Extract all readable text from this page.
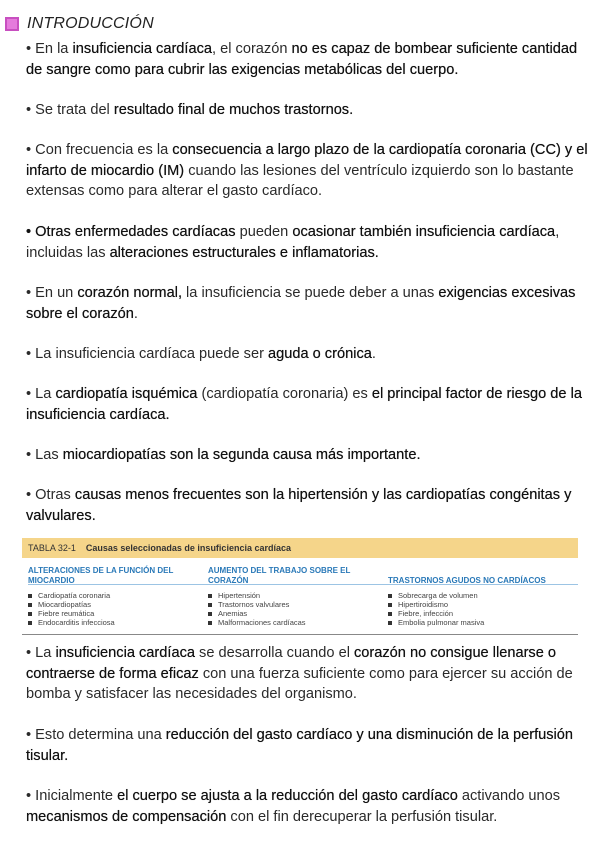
INTRODUCCIÓN
• En la insuficiencia cardíaca, el corazón no es capaz de bombear suficiente cantidad de sangre como para cubrir las exigencias metabólicas del cuerpo.
• Se trata del resultado final de muchos trastornos.
• Con frecuencia es la consecuencia a largo plazo de la cardiopatía coronaria (CC) y el infarto de miocardio (IM) cuando las lesiones del ventrículo izquierdo son lo bastante extensas como para alterar el gasto cardíaco.
• Otras enfermedades cardíacas pueden ocasionar también insuficiencia cardíaca, incluidas las alteraciones estructurales e inflamatorias.
• En un corazón normal, la insuficiencia se puede deber a unas exigencias excesivas sobre el corazón.
• La insuficiencia cardíaca puede ser aguda o crónica.
• La cardiopatía isquémica (cardiopatía coronaria) es el principal factor de riesgo de la insuficiencia cardíaca.
• Las miocardiopatías son la segunda causa más importante.
• Otras causas menos frecuentes son la hipertensión y las cardiopatías congénitas y valvulares.
TABLA 32-1 Causas seleccionadas de insuficiencia cardíaca
ALTERACIONES DE LA FUNCIÓN DEL MIOCARDIO
Cardiopatía coronaria
Miocardiopatías
Fiebre reumática
Endocarditis infecciosa
AUMENTO DEL TRABAJO SOBRE EL CORAZÓN
Hipertensión
Trastornos valvulares
Anemias
Malformaciones cardíacas
TRASTORNOS AGUDOS NO CARDÍACOS
Sobrecarga de volumen
Hipertiroidismo
Fiebre, infección
Embolia pulmonar masiva
• La insuficiencia cardíaca se desarrolla cuando el corazón no consigue llenarse o contraerse de forma eficaz con una fuerza suficiente como para ejercer su acción de bomba y satisfacer las necesidades del organismo.
• Esto determina una reducción del gasto cardíaco y una disminución de la perfusión tisular.
• Inicialmente el cuerpo se ajusta a la reducción del gasto cardíaco activando unos mecanismos de compensación con el fin derecuperar la perfusión tisular.
